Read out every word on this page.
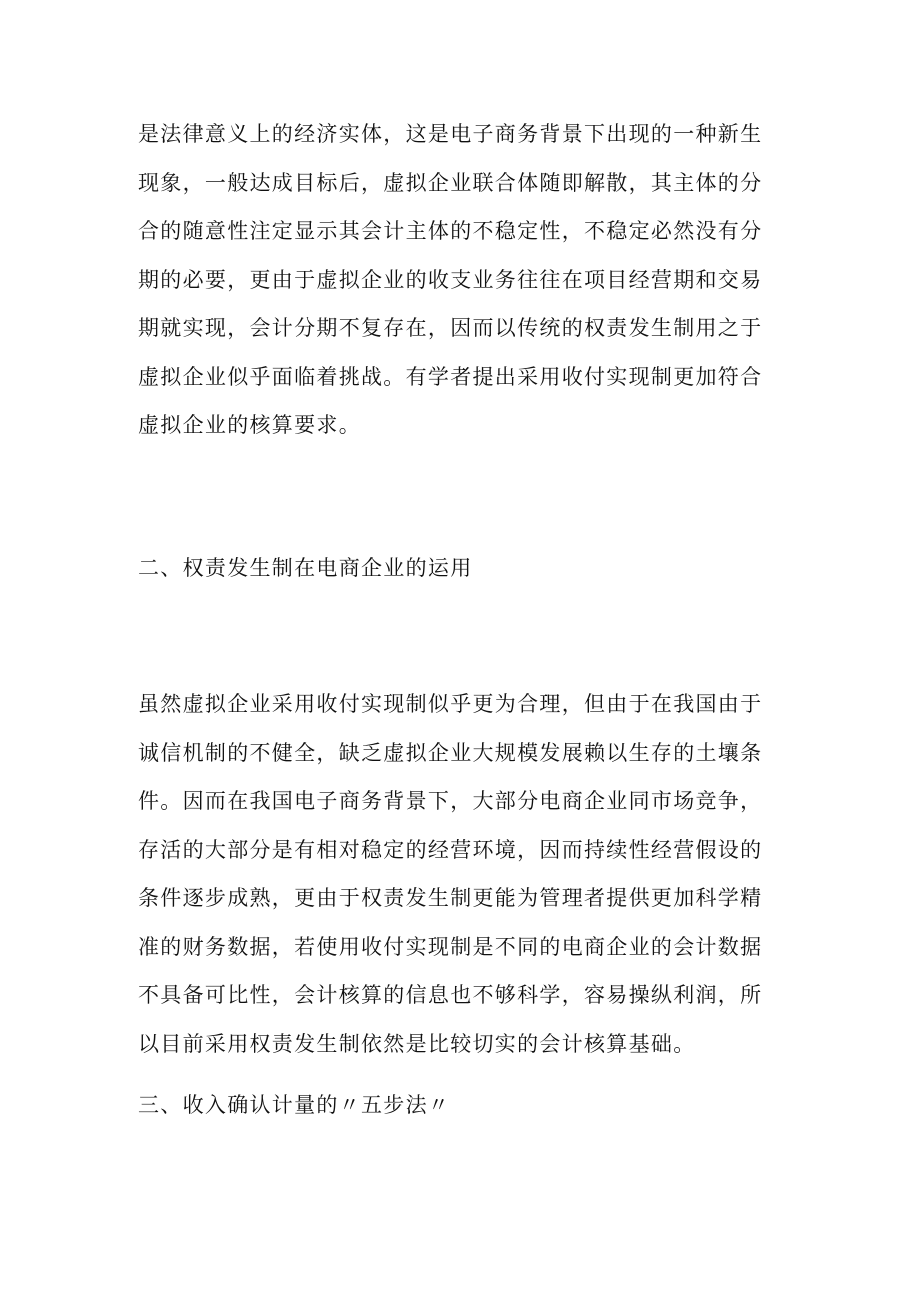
是法律意义上的经济实体，这是电子商务背景下出现的一种新生
现象，一般达成目标后，虚拟企业联合体随即解散，其主体的分
合的随意性注定显示其会计主体的不稳定性，不稳定必然没有分
期的必要，更由于虚拟企业的收支业务往往在项目经营期和交易
期就实现，会计分期不复存在，因而以传统的权责发生制用之于
虚拟企业似乎面临着挑战。有学者提出采用收付实现制更加符合
虚拟企业的核算要求。

二、权责发生制在电商企业的运用

虽然虚拟企业采用收付实现制似乎更为合理，但由于在我国由于
诚信机制的不健全，缺乏虚拟企业大规模发展赖以生存的土壤条
件。因而在我国电子商务背景下，大部分电商企业同市场竞争，
存活的大部分是有相对稳定的经营环境，因而持续性经营假设的
条件逐步成熟，更由于权责发生制更能为管理者提供更加科学精
准的财务数据，若使用收付实现制是不同的电商企业的会计数据
不具备可比性，会计核算的信息也不够科学，容易操纵利润，所
以目前采用权责发生制依然是比较切实的会计核算基础。

三、收入确认计量的〃五步法〃
